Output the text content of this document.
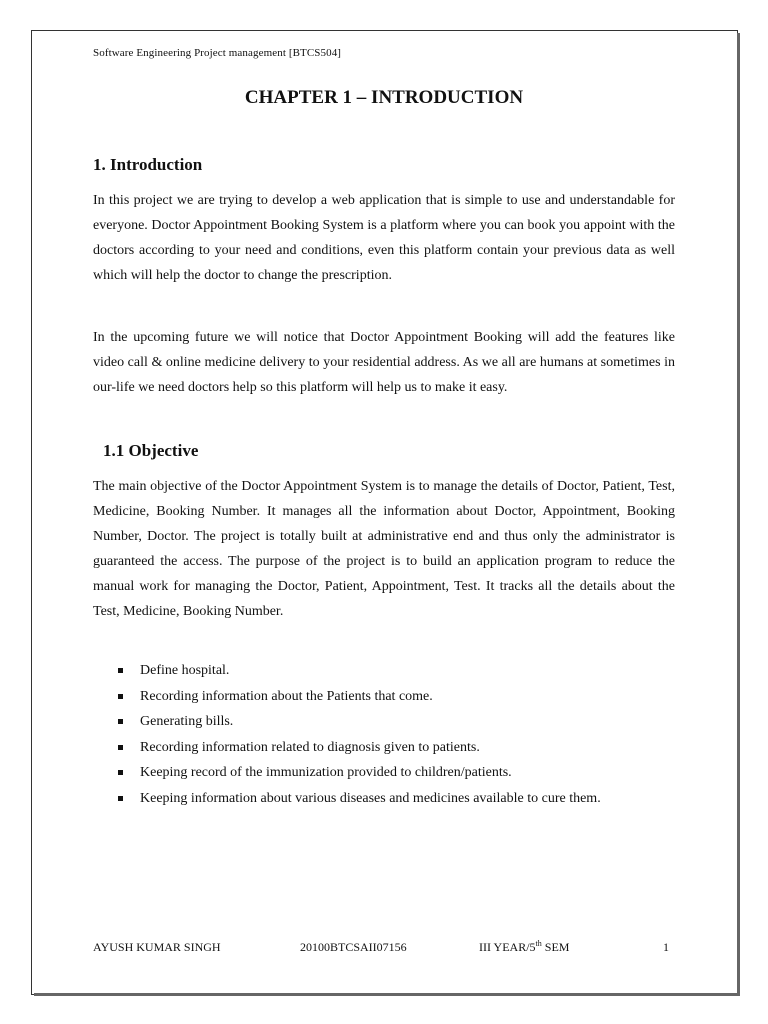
Software Engineering Project management [BTCS504]
CHAPTER 1 – INTRODUCTION
1. Introduction

In this project we are trying to develop a web application that is simple to use and understandable for everyone. Doctor Appointment Booking System is a platform where you can book you appoint with the doctors according to your need and conditions, even this platform contain your previous data as well which will help the doctor to change the prescription.

In the upcoming future we will notice that Doctor Appointment Booking will add the features like video call & online medicine delivery to your residential address. As we all are humans at sometimes in our-life we need doctors help so this platform will help us to make it easy.

1.1 Objective

The main objective of the Doctor Appointment System is to manage the details of Doctor, Patient, Test, Medicine, Booking Number. It manages all the information about Doctor, Appointment, Booking Number, Doctor. The project is totally built at administrative end and thus only the administrator is guaranteed the access. The purpose of the project is to build an application program to reduce the manual work for managing the Doctor, Patient, Appointment, Test. It tracks all the details about the Test, Medicine, Booking Number.

Define hospital.
Recording information about the Patients that come.
Generating bills.
Recording information related to diagnosis given to patients.
Keeping record of the immunization provided to children/patients.
Keeping information about various diseases and medicines available to cure them.
AYUSH KUMAR SINGH	20100BTCSAII07156	III YEAR/5th SEM	1
